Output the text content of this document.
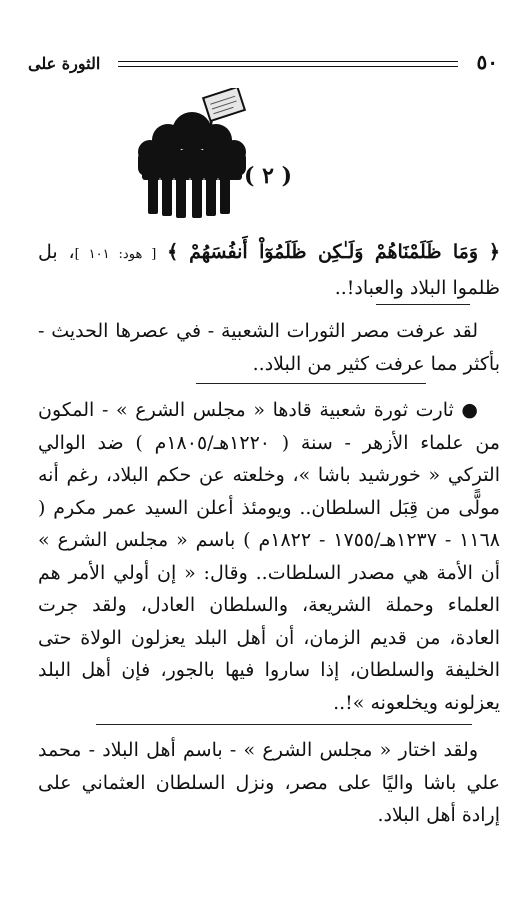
٥٠
الثورة على
( ٢ )

﴿ وَمَا ظَلَمْنَاهُمْ وَلَـٰكِن ظَلَمُوٓاْ أَنفُسَهُمْ ﴾ [ هود: ١٠١ ]، بل ظلموا البلاد والعباد!..

لقد عرفت مصر الثورات الشعبية - في عصرها الحديث - بأكثر مما عرفت كثير من البلاد..

● ثارت ثورة شعبية قادها « مجلس الشرع » - المكون من علماء الأزهر - سنة ( ١٢٢٠هـ/١٨٠٥م ) ضد الوالي التركي « خورشيد باشا »، وخلعته عن حكم البلاد، رغم أنه مولًّى من قِبَل السلطان.. ويومئذ أعلن السيد عمر مكرم ( ١١٦٨ - ١٢٣٧هـ/١٧٥٥ - ١٨٢٢م ) باسم « مجلس الشرع » أن الأمة هي مصدر السلطات.. وقال: « إن أولي الأمر هم العلماء وحملة الشريعة، والسلطان العادل، ولقد جرت العادة، من قديم الزمان، أن أهل البلد يعزلون الولاة حتى الخليفة والسلطان، إذا ساروا فيها بالجور، فإن أهل البلد يعزلونه ويخلعونه »!..

ولقد اختار « مجلس الشرع » - باسم أهل البلاد - محمد علي باشا واليًا على مصر، ونزل السلطان العثماني على إرادة أهل البلاد.
